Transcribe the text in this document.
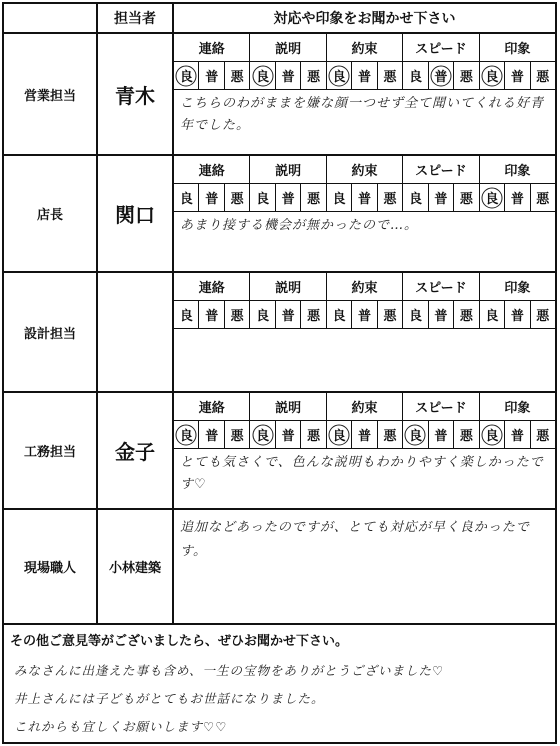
担当者	対応や印象をお聞かせ下さい
営業担当	青木
連絡	説明	約束	スピード	印象
良 普 悪 良 普 悪 良 普 悪 良 普 悪 良 普 悪
こちらのわがままを嫌な顔一つせず全て聞いてくれる好青年でした。
店長	関口
連絡	説明	約束	スピード	印象
良 普 悪 良 普 悪 良 普 悪 良 普 悪 良 普 悪
あまり接する機会が無かったので…。
設計担当
連絡	説明	約束	スピード	印象
良 普 悪 良 普 悪 良 普 悪 良 普 悪 良 普 悪
工務担当	金子
連絡	説明	約束	スピード	印象
良 普 悪 良 普 悪 良 普 悪 良 普 悪 良 普 悪
とても気さくで、色んな説明もわかりやすく楽しかったです♡
現場職人	小林建築
追加などあったのですが、とても対応が早く良かったです。
その他ご意見等がございましたら、ぜひお聞かせ下さい。
みなさんに出逢えた事も含め、一生の宝物をありがとうございました♡
井上さんには子どもがとてもお世話になりました。
これからも宜しくお願いします♡♡
